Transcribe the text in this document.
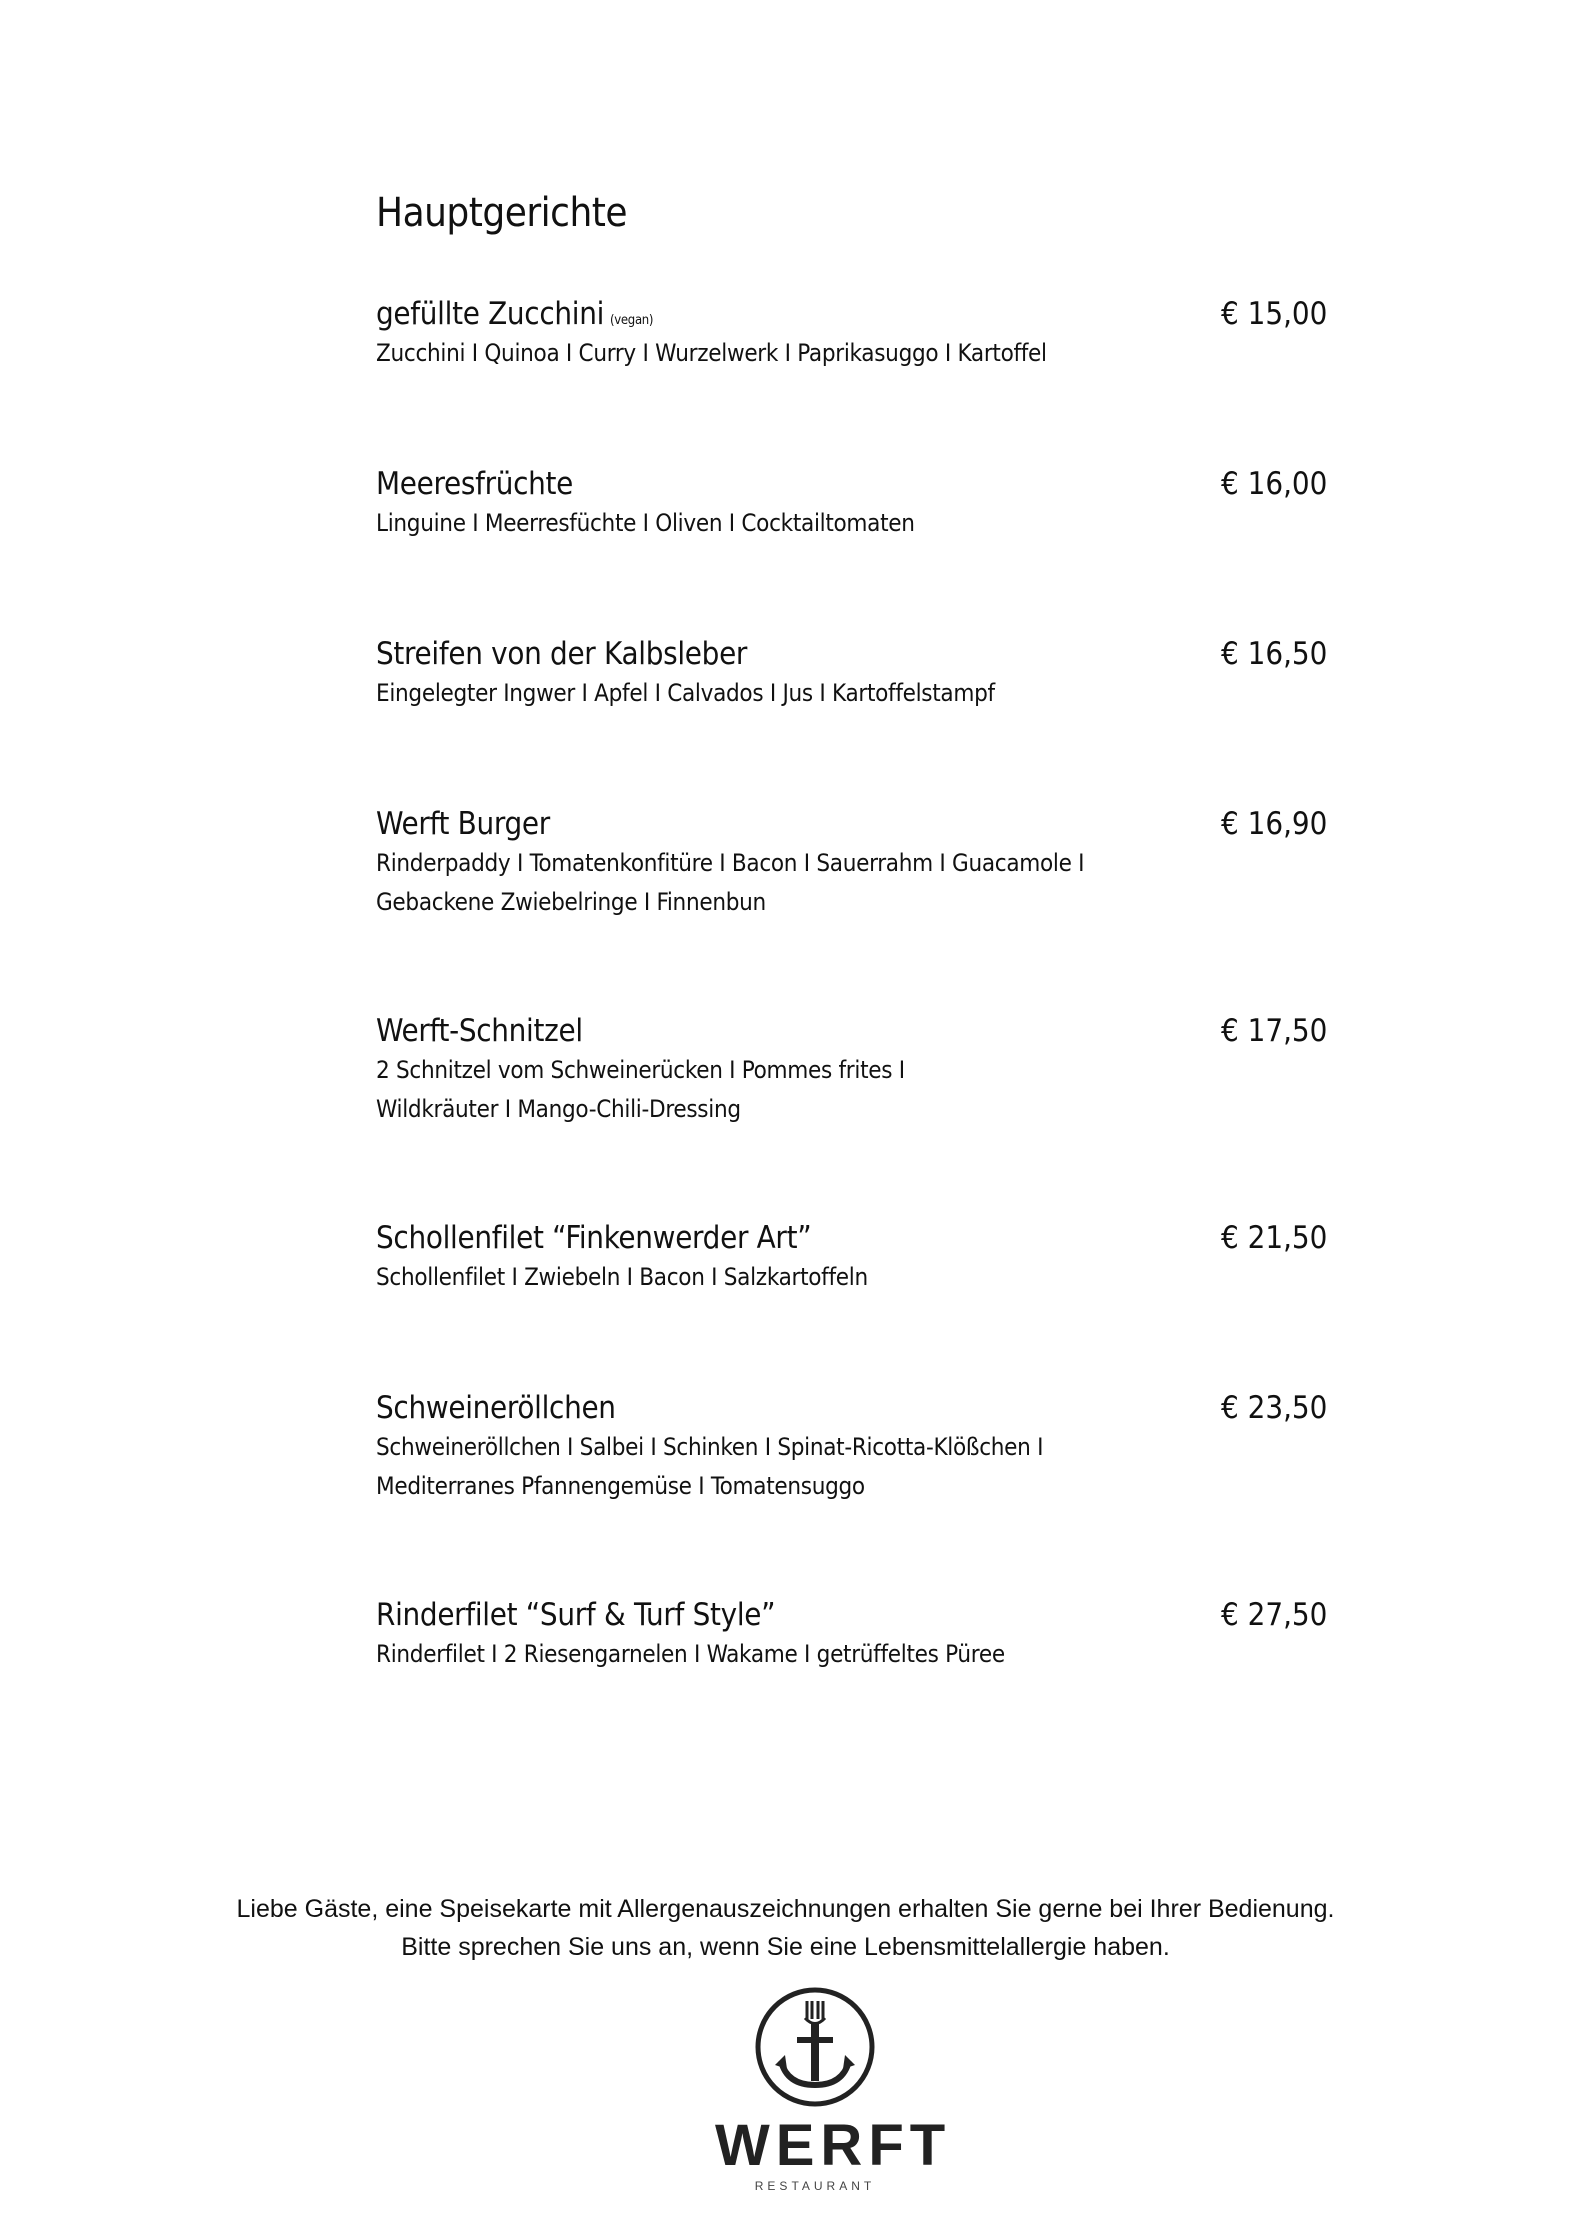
Hauptgerichte
gefüllte Zucchini (vegan)	€ 15,00
Zucchini I Quinoa I Curry I Wurzelwerk I Paprikasuggo I Kartoffel
Meeresfrüchte	€ 16,00
Linguine I Meerresfüchte I Oliven I Cocktailtomaten
Streifen von der Kalbsleber	€ 16,50
Eingelegter Ingwer I Apfel I Calvados I Jus I Kartoffelstampf
Werft Burger	€ 16,90
Rinderpaddy I Tomatenkonfitüre I Bacon I Sauerrahm I Guacamole I
Gebackene Zwiebelringe I Finnenbun
Werft-Schnitzel	€ 17,50
2 Schnitzel vom Schweinerücken I Pommes frites I
Wildkräuter I Mango-Chili-Dressing
Schollenfilet “Finkenwerder Art”	€ 21,50
Schollenfilet I Zwiebeln I Bacon I Salzkartoffeln
Schweineröllchen	€ 23,50
Schweineröllchen I Salbei I Schinken I Spinat-Ricotta-Klößchen I
Mediterranes Pfannengemüse I Tomatensuggo
Rinderfilet “Surf & Turf Style”	€ 27,50
Rinderfilet I 2 Riesengarnelen I Wakame I getrüffeltes Püree
Liebe Gäste, eine Speisekarte mit Allergenauszeichnungen erhalten Sie gerne bei Ihrer Bedienung.
Bitte sprechen Sie uns an, wenn Sie eine Lebensmittelallergie haben.
WERFT
RESTAURANT
